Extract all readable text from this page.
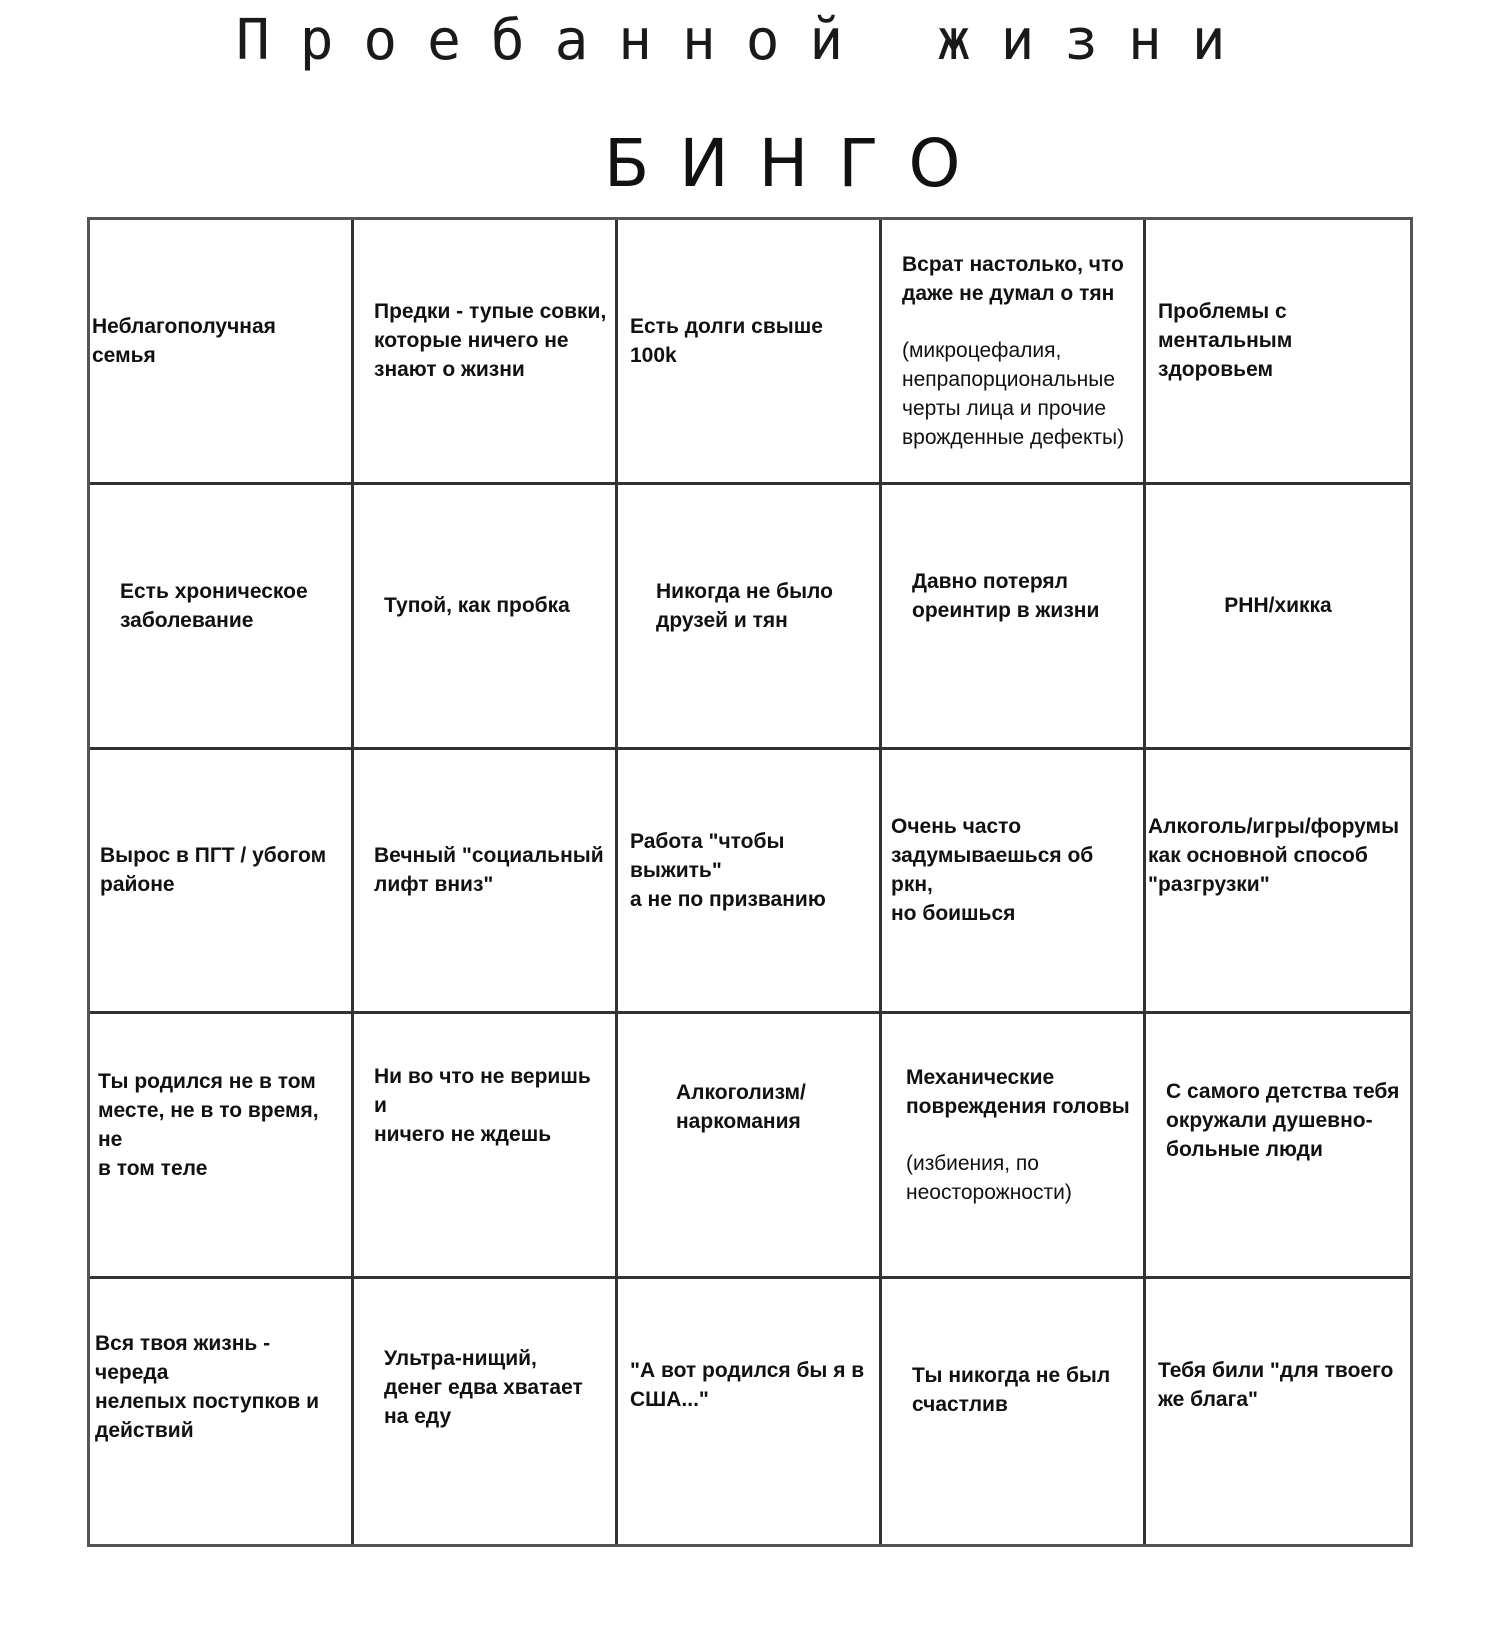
Проебанной жизни
БИНГО
Неблагополучная семья
Предки - тупые совки,
которые ничего не
знают о жизни
Есть долги свыше 100k
Всрат настолько, что
даже не думал о тян
(микроцефалия,
непрапорциональные
черты лица и прочие
врожденные дефекты)
Проблемы с
ментальным здоровьем
Есть хроническое
заболевание
Тупой, как пробка
Никогда не было
друзей и тян
Давно потерял
ореинтир в жизни	РНН/хикка
Вырос в ПГТ / убогом
районе
Вечный "социальный
лифт вниз"
Работа "чтобы выжить"
а не по призванию
Очень часто
задумываешься об ркн,
но боишься
Алкоголь/игры/форумы
как основной способ
"разгрузки"
Ты родился не в том
месте, не в то время, не
в том теле
Ни во что не веришь и
ничего не ждешь
Алкоголизм/
наркомания
Механические
повреждения головы
(избиения, по
неосторожности)
С самого детства тебя
окружали душевно-
больные люди
Вся твоя жизнь - череда
нелепых поступков и
действий
Ультра-нищий,
денег едва хватает
на еду
"А вот родился бы я в
США..."
Ты никогда не был
счастлив
Тебя били "для твоего
же блага"
